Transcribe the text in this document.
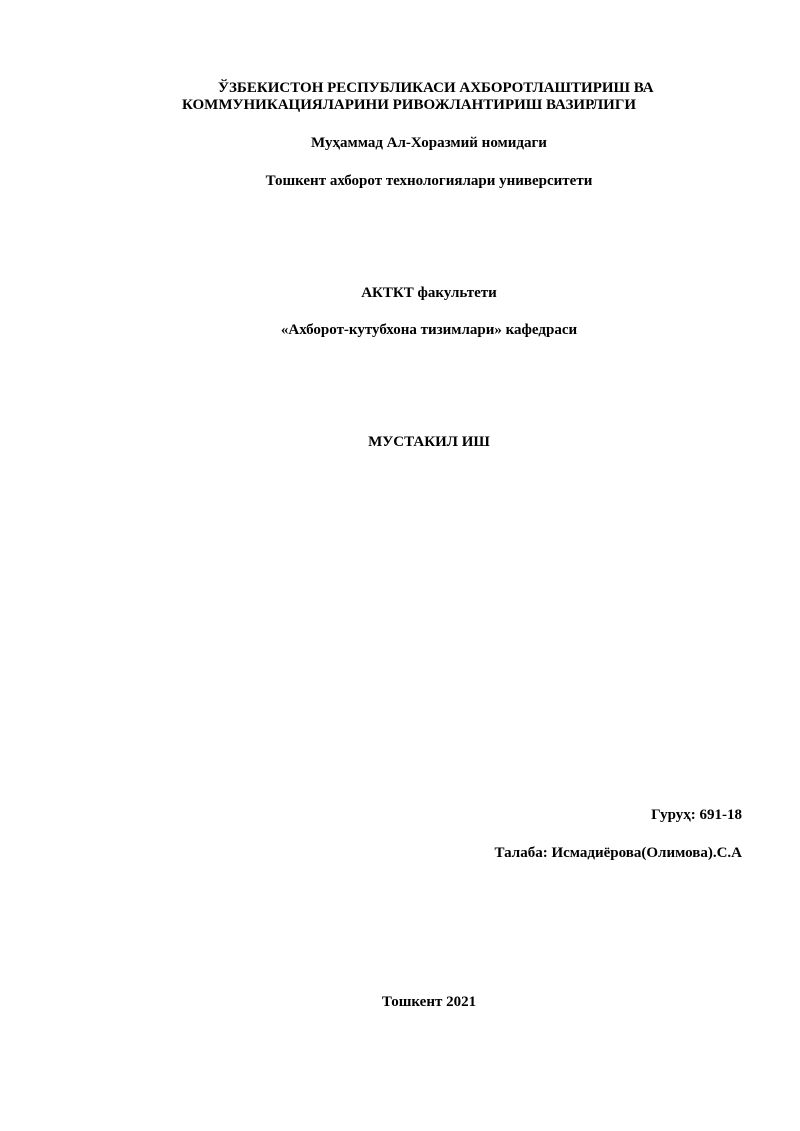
ЎЗБЕКИСТОН РЕСПУБЛИКАСИ АХБОРОТЛАШТИРИШ ВА
КОММУНИКАЦИЯЛАРИНИ РИВОЖЛАНТИРИШ ВАЗИРЛИГИ
Муҳаммад Ал-Хоразмий номидаги
Тошкент ахборот технологиялари университети
АКТКТ факультети
«Ахборот-кутубхона тизимлари» кафедраси
МУСТАКИЛ ИШ
Гуруҳ: 691-18
Талаба: Исмадиёрова(Олимова).С.А
Тошкент 2021
